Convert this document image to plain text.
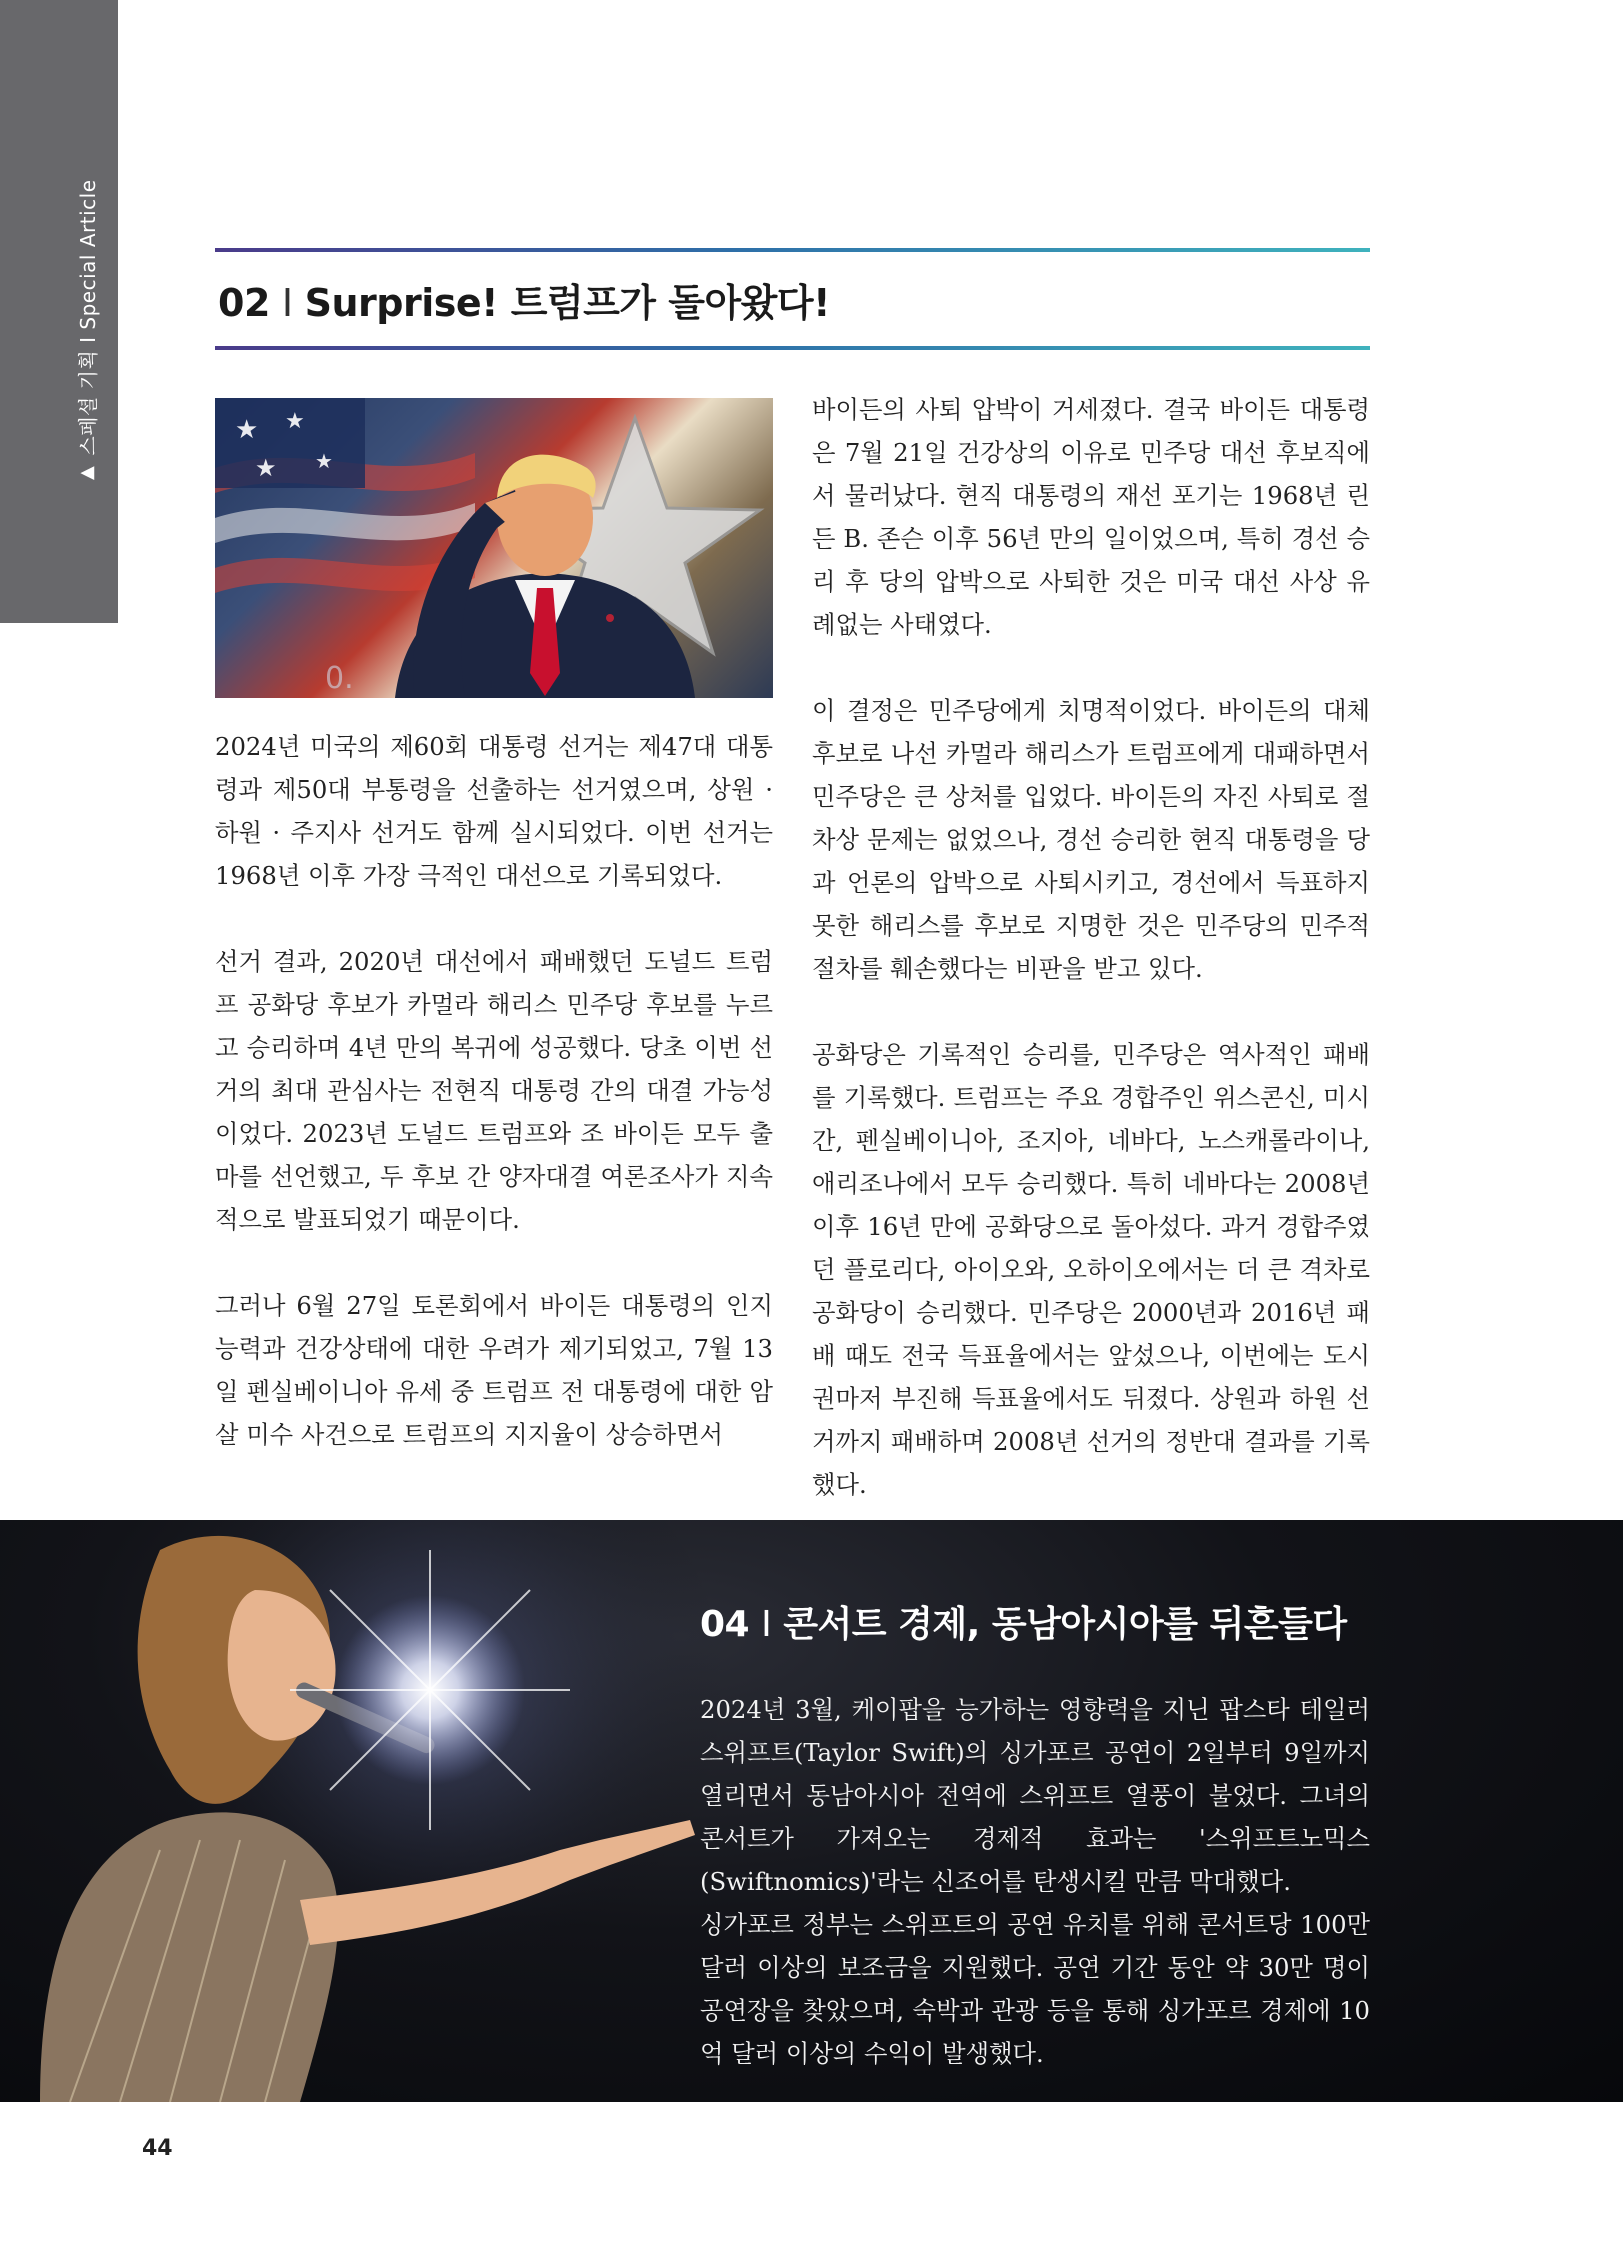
▲
스페셜 기획 I Special Article	02 I Surprise! 트럼프가 돌아왔다!
★ ★
★ ★
0.

2024년 미국의 제60회 대통령 선거는 제47대 대통령과 제50대 부통령을 선출하는 선거였으며, 상원 · 하원 · 주지사 선거도 함께 실시되었다. 이번 선거는 1968년 이후 가장 극적인 대선으로 기록되었다.

선거 결과, 2020년 대선에서 패배했던 도널드 트럼프 공화당 후보가 카멀라 해리스 민주당 후보를 누르고 승리하며 4년 만의 복귀에 성공했다. 당초 이번 선거의 최대 관심사는 전현직 대통령 간의 대결 가능성이었다. 2023년 도널드 트럼프와 조 바이든 모두 출마를 선언했고, 두 후보 간 양자대결 여론조사가 지속적으로 발표되었기 때문이다.

그러나 6월 27일 토론회에서 바이든 대통령의 인지능력과 건강상태에 대한 우려가 제기되었고, 7월 13일 펜실베이니아 유세 중 트럼프 전 대통령에 대한 암살 미수 사건으로 트럼프의 지지율이 상승하면서

바이든의 사퇴 압박이 거세졌다. 결국 바이든 대통령은 7월 21일 건강상의 이유로 민주당 대선 후보직에서 물러났다. 현직 대통령의 재선 포기는 1968년 린든 B. 존슨 이후 56년 만의 일이었으며, 특히 경선 승리 후 당의 압박으로 사퇴한 것은 미국 대선 사상 유례없는 사태였다.

이 결정은 민주당에게 치명적이었다. 바이든의 대체 후보로 나선 카멀라 해리스가 트럼프에게 대패하면서 민주당은 큰 상처를 입었다. 바이든의 자진 사퇴로 절차상 문제는 없었으나, 경선 승리한 현직 대통령을 당과 언론의 압박으로 사퇴시키고, 경선에서 득표하지 못한 해리스를 후보로 지명한 것은 민주당의 민주적 절차를 훼손했다는 비판을 받고 있다.

공화당은 기록적인 승리를, 민주당은 역사적인 패배를 기록했다. 트럼프는 주요 경합주인 위스콘신, 미시간, 펜실베이니아, 조지아, 네바다, 노스캐롤라이나, 애리조나에서 모두 승리했다. 특히 네바다는 2008년 이후 16년 만에 공화당으로 돌아섰다. 과거 경합주였던 플로리다, 아이오와, 오하이오에서는 더 큰 격차로 공화당이 승리했다. 민주당은 2000년과 2016년 패배 때도 전국 득표율에서는 앞섰으나, 이번에는 도시권마저 부진해 득표율에서도 뒤졌다. 상원과 하원 선거까지 패배하며 2008년 선거의 정반대 결과를 기록했다.

04 I 콘서트 경제, 동남아시아를 뒤흔들다

2024년 3월, 케이팝을 능가하는 영향력을 지닌 팝스타 테일러 스위프트(Taylor Swift)의 싱가포르 공연이 2일부터 9일까지 열리면서 동남아시아 전역에 스위프트 열풍이 불었다. 그녀의 콘서트가 가져오는 경제적 효과는 '스위프트노믹스(Swiftnomics)'라는 신조어를 탄생시킬 만큼 막대했다.

싱가포르 정부는 스위프트의 공연 유치를 위해 콘서트당 100만 달러 이상의 보조금을 지원했다. 공연 기간 동안 약 30만 명이 공연장을 찾았으며, 숙박과 관광 등을 통해 싱가포르 경제에 10억 달러 이상의 수익이 발생했다.

44
